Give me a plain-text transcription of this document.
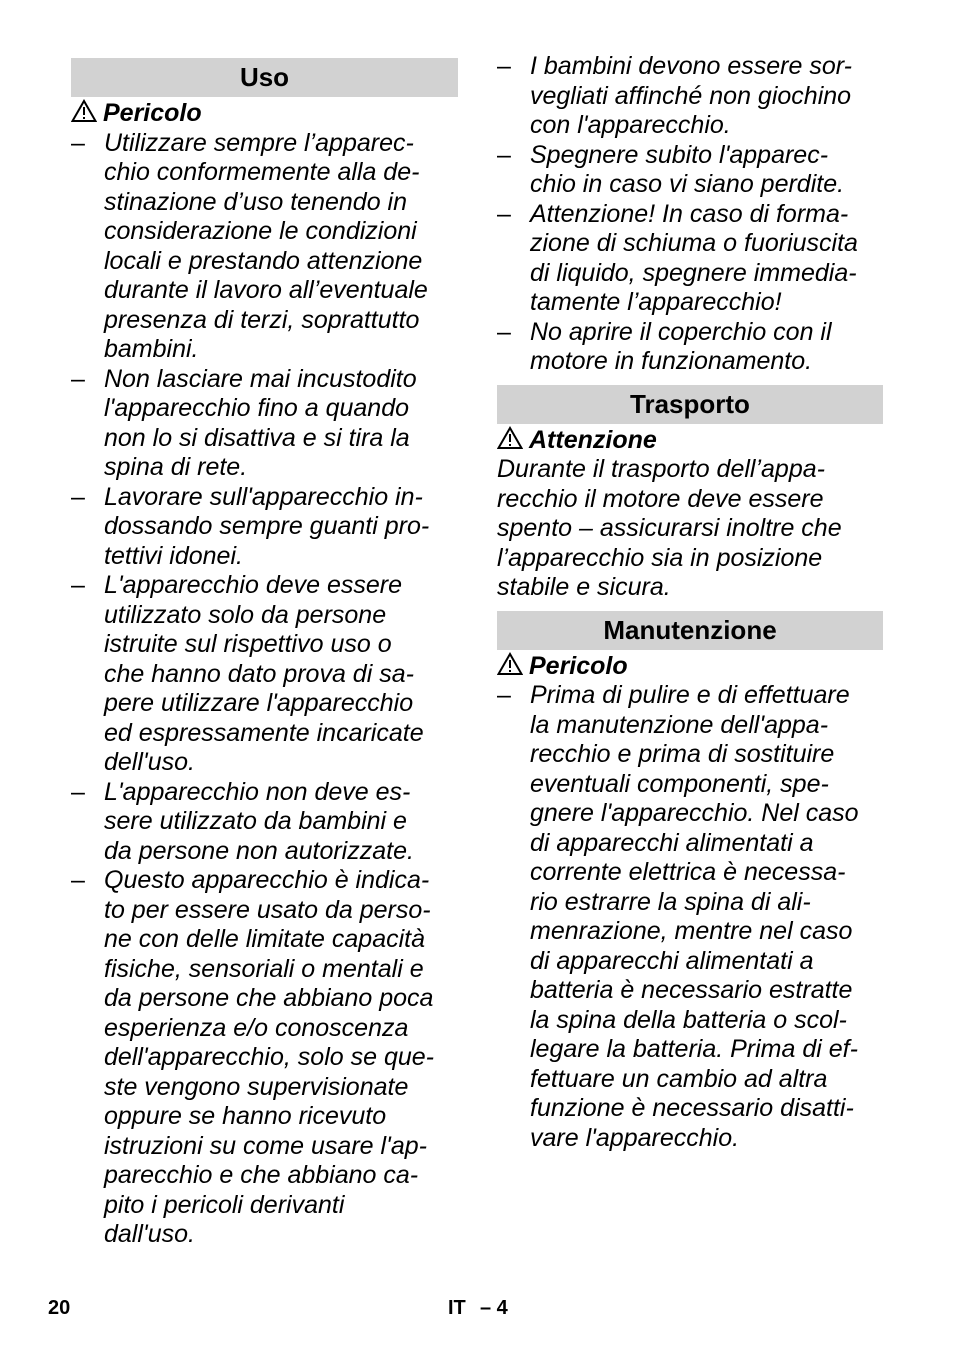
Uso
Pericolo
– Utilizzare sempre l’apparec-
chio conformemente alla de-
stinazione d’uso tenendo in
considerazione le condizioni
locali e prestando attenzione
durante il lavoro all’eventuale
presenza di terzi, soprattutto
bambini.
– Non lasciare mai incustodito
l'apparecchio fino a quando
non lo si disattiva e si tira la
spina di rete.
– Lavorare sull'apparecchio in-
dossando sempre guanti pro-
tettivi idonei.
– L'apparecchio deve essere
utilizzato solo da persone
istruite sul rispettivo uso o
che hanno dato prova di sa-
pere utilizzare l'apparecchio
ed espressamente incaricate
dell'uso.
– L'apparecchio non deve es-
sere utilizzato da bambini e
da persone non autorizzate.
– Questo apparecchio è indica-
to per essere usato da perso-
ne con delle limitate capacità
fisiche, sensoriali o mentali e
da persone che abbiano poca
esperienza e/o conoscenza
dell'apparecchio, solo se que-
ste vengono supervisionate
oppure se hanno ricevuto
istruzioni su come usare l'ap-
parecchio e che abbiano ca-
pito i pericoli derivanti
dall'uso.
– I bambini devono essere sor-
vegliati affinché non giochino
con l'apparecchio.
– Spegnere subito l'apparec-
chio in caso vi siano perdite.
– Attenzione! In caso di forma-
zione di schiuma o fuoriuscita
di liquido, spegnere immedia-
tamente l’apparecchio!
– No aprire il coperchio con il
motore in funzionamento.
Trasporto
Attenzione

Durante il trasporto dell’appa-
recchio il motore deve essere
spento – assicurarsi inoltre che
l’apparecchio sia in posizione
stabile e sicura.

Manutenzione
Pericolo
– Prima di pulire e di effettuare
la manutenzione dell'appa-
recchio e prima di sostituire
eventuali componenti, spe-
gnere l'apparecchio. Nel caso
di apparecchi alimentati a
corrente elettrica è necessa-
rio estrarre la spina di ali-
menrazione, mentre nel caso
di apparecchi alimentati a
batteria è necessario estratte
la spina della batteria o scol-
legare la batteria. Prima di ef-
fettuare un cambio ad altra
funzione è necessario disatti-
vare l'apparecchio.
20	IT – 4
